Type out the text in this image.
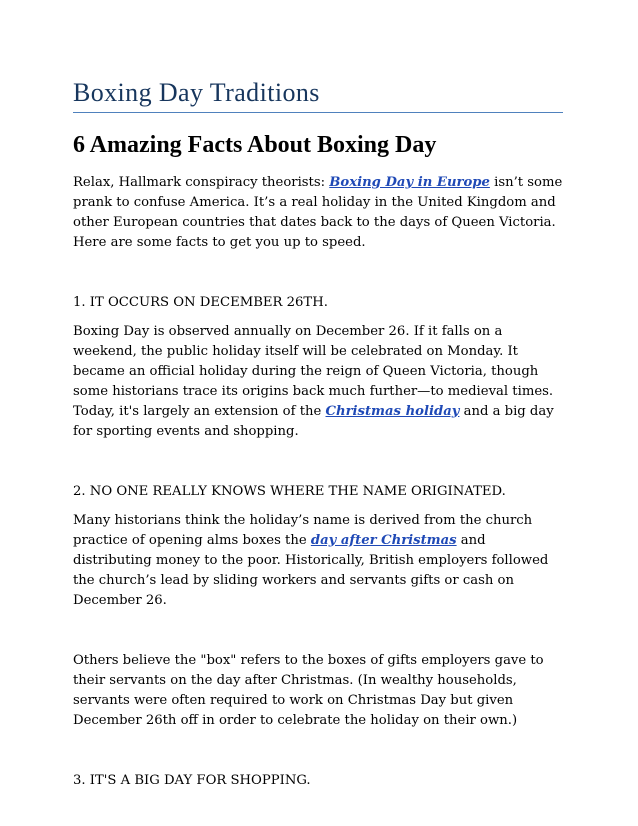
Boxing Day Traditions
6 Amazing Facts About Boxing Day

Relax, Hallmark conspiracy theorists: Boxing Day in Europe isn’t some prank to confuse America. It’s a real holiday in the United Kingdom and other European countries that dates back to the days of Queen Victoria. Here are some facts to get you up to speed.

1. IT OCCURS ON DECEMBER 26TH.

Boxing Day is observed annually on December 26. If it falls on a weekend, the public holiday itself will be celebrated on Monday. It became an official holiday during the reign of Queen Victoria, though some historians trace its origins back much further—to medieval times. Today, it's largely an extension of the Christmas holiday and a big day for sporting events and shopping.

2. NO ONE REALLY KNOWS WHERE THE NAME ORIGINATED.

Many historians think the holiday’s name is derived from the church practice of opening alms boxes the day after Christmas and distributing money to the poor. Historically, British employers followed the church’s lead by sliding workers and servants gifts or cash on December 26.

Others believe the "box" refers to the boxes of gifts employers gave to their servants on the day after Christmas. (In wealthy households, servants were often required to work on Christmas Day but given December 26th off in order to celebrate the holiday on their own.)

3. IT'S A BIG DAY FOR SHOPPING.
